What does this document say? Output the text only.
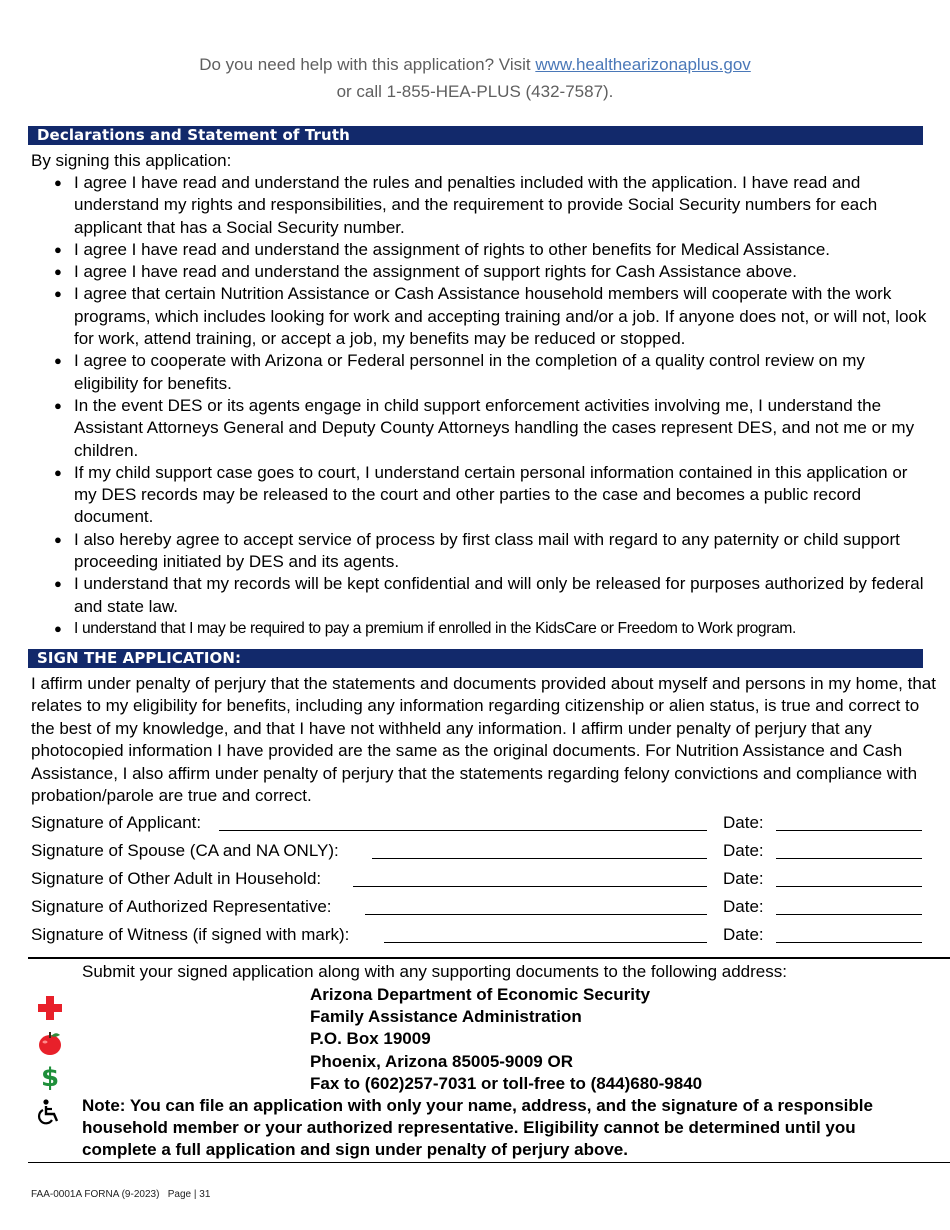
Do you need help with this application? Visit www.healthearizonaplus.gov
or call 1-855-HEA-PLUS (432-7587).
Declarations and Statement of Truth
By signing this application:
● I agree I have read and understand the rules and penalties included with the application. I have read and understand my rights and responsibilities, and the requirement to provide Social Security numbers for each applicant that has a Social Security number.
● I agree I have read and understand the assignment of rights to other benefits for Medical Assistance.
● I agree I have read and understand the assignment of support rights for Cash Assistance above.
● I agree that certain Nutrition Assistance or Cash Assistance household members will cooperate with the work programs, which includes looking for work and accepting training and/or a job. If anyone does not, or will not, look for work, attend training, or accept a job, my benefits may be reduced or stopped.
● I agree to cooperate with Arizona or Federal personnel in the completion of a quality control review on my eligibility for benefits.
● In the event DES or its agents engage in child support enforcement activities involving me, I understand the Assistant Attorneys General and Deputy County Attorneys handling the cases represent DES, and not me or my children.
● If my child support case goes to court, I understand certain personal information contained in this application or my DES records may be released to the court and other parties to the case and becomes a public record document.
● I also hereby agree to accept service of process by first class mail with regard to any paternity or child support proceeding initiated by DES and its agents.
● I understand that my records will be kept confidential and will only be released for purposes authorized by federal and state law.
● I understand that I may be required to pay a premium if enrolled in the KidsCare or Freedom to Work program.
SIGN THE APPLICATION:

I affirm under penalty of perjury that the statements and documents provided about myself and persons in my home, that relates to my eligibility for benefits, including any information regarding citizenship or alien status, is true and correct to the best of my knowledge, and that I have not withheld any information. I affirm under penalty of perjury that any photocopied information I have provided are the same as the original documents. For Nutrition Assistance and Cash Assistance, I also affirm under penalty of perjury that the statements regarding felony convictions and compliance with probation/parole are true and correct.

Signature of Applicant:	Date:
Signature of Spouse (CA and NA ONLY):	Date:
Signature of Other Adult in Household:	Date:
Signature of Authorized Representative:	Date:
Signature of Witness (if signed with mark):	Date:
Submit your signed application along with any supporting documents to the following address:
Arizona Department of Economic Security
Family Assistance Administration
P.O. Box 19009
Phoenix, Arizona 85005-9009 OR
Fax to (602)257-7031 or toll-free to (844)680-9840

Note: You can file an application with only your name, address, and the signature of a responsible household member or your authorized representative. Eligibility cannot be determined until you complete a full application and sign under penalty of perjury above.

$
FAA-0001A FORNA (9-2023) Page | 31
